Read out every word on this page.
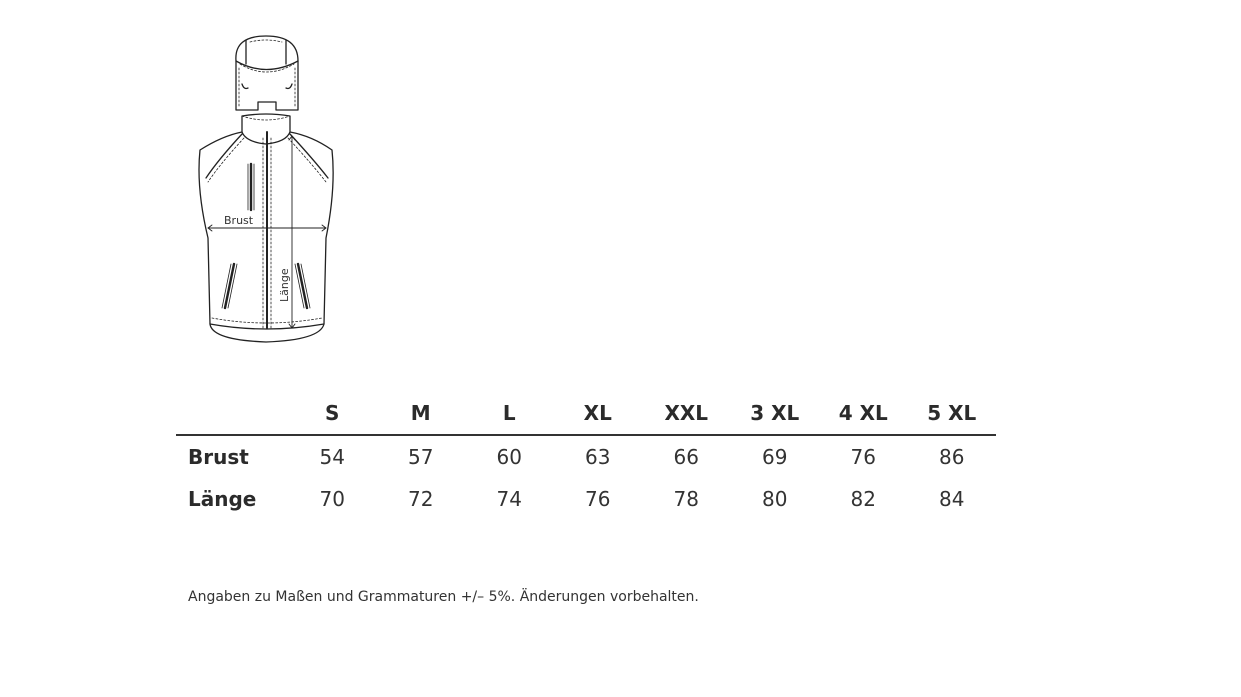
Brust
Länge
	S	M	L	XL	XXL	3 XL	4 XL	5 XL
Brust	54	57	60	63	66	69	76	86
Länge	70	72	74	76	78	80	82	84
Angaben zu Maßen und Grammaturen +/– 5%. Änderungen vorbehalten.
